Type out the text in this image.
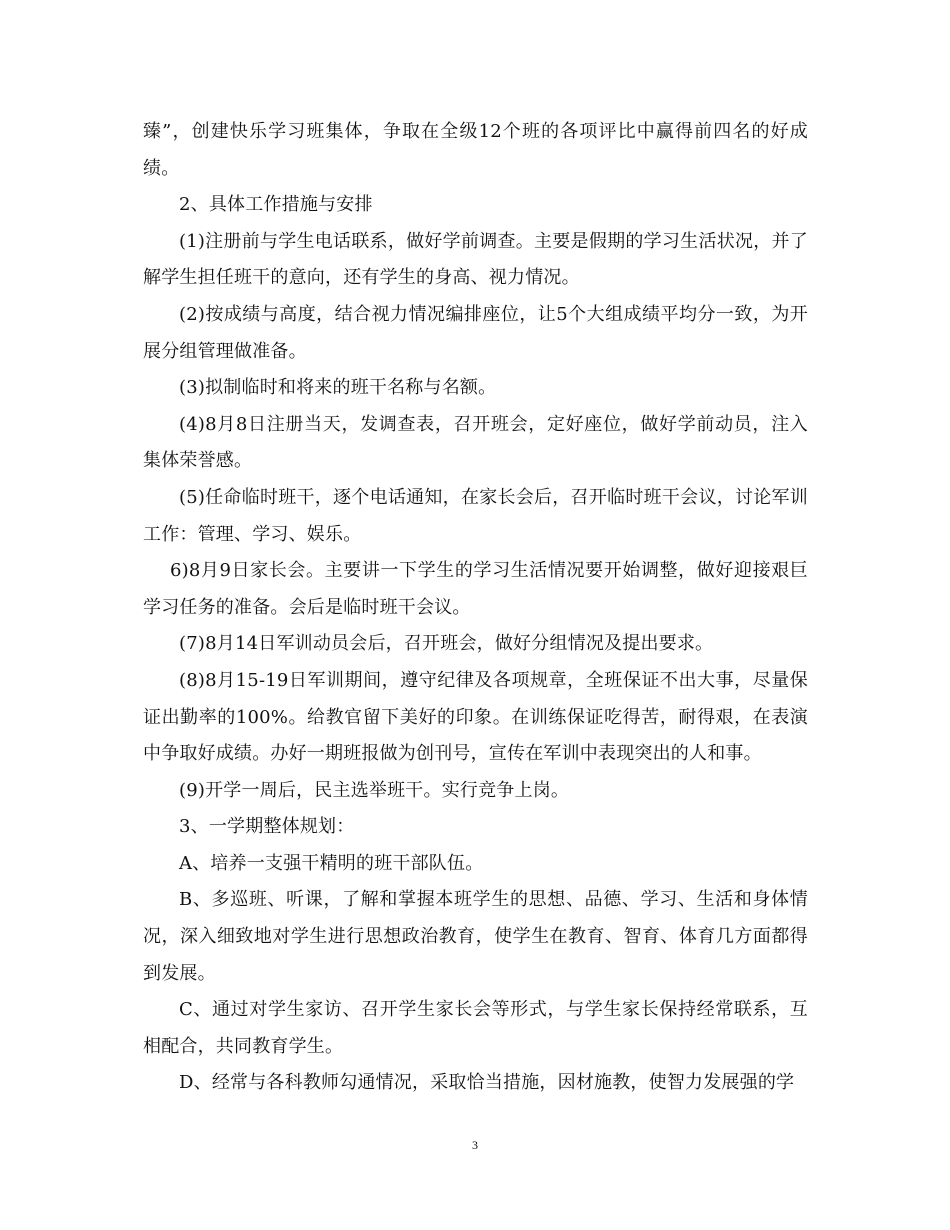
臻”，创建快乐学习班集体，争取在全级12个班的各项评比中赢得前四名的好成绩。

2、具体工作措施与安排

(1)注册前与学生电话联系，做好学前调查。主要是假期的学习生活状况，并了解学生担任班干的意向，还有学生的身高、视力情况。

(2)按成绩与高度，结合视力情况编排座位，让5个大组成绩平均分一致，为开展分组管理做准备。

(3)拟制临时和将来的班干名称与名额。

(4)8月8日注册当天，发调查表，召开班会，定好座位，做好学前动员，注入集体荣誉感。

(5)任命临时班干，逐个电话通知，在家长会后，召开临时班干会议，讨论军训工作：管理、学习、娱乐。

6)8月9日家长会。主要讲一下学生的学习生活情况要开始调整，做好迎接艰巨学习任务的准备。会后是临时班干会议。

(7)8月14日军训动员会后，召开班会，做好分组情况及提出要求。

(8)8月15-19日军训期间，遵守纪律及各项规章，全班保证不出大事，尽量保证出勤率的100%。给教官留下美好的印象。在训练保证吃得苦，耐得艰，在表演中争取好成绩。办好一期班报做为创刊号，宣传在军训中表现突出的人和事。

(9)开学一周后，民主选举班干。实行竞争上岗。

3、一学期整体规划：

A、培养一支强干精明的班干部队伍。

B、多巡班、听课，了解和掌握本班学生的思想、品德、学习、生活和身体情况，深入细致地对学生进行思想政治教育，使学生在教育、智育、体育几方面都得到发展。

C、通过对学生家访、召开学生家长会等形式，与学生家长保持经常联系，互相配合，共同教育学生。

D、经常与各科教师勾通情况，采取恰当措施，因材施教，使智力发展强的学

3
